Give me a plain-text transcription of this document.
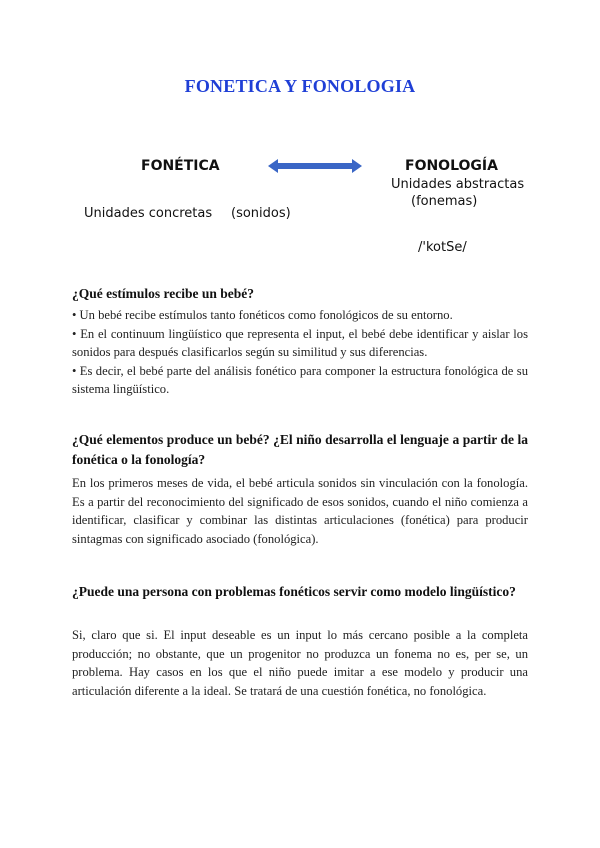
FONETICA Y FONOLOGIA
FONÉTICA	FONOLOGÍA
Unidades abstractas
(fonemas)
Unidades concretas (sonidos)
/'kotSe/
¿Qué estímulos recibe un bebé?

• Un bebé recibe estímulos tanto fonéticos como fonológicos de su entorno.

• En el continuum lingüístico que representa el input, el bebé debe identificar y aislar los sonidos para después clasificarlos según su similitud y sus diferencias.

• Es decir, el bebé parte del análisis fonético para componer la estructura fonológica de su sistema lingüístico.

¿Qué elementos produce un bebé? ¿El niño desarrolla el lenguaje a partir de la fonética o la fonología?

En los primeros meses de vida, el bebé articula sonidos sin vinculación con la fonología. Es a partir del reconocimiento del significado de esos sonidos, cuando el niño comienza a identificar, clasificar y combinar las distintas articulaciones (fonética) para producir sintagmas con significado asociado (fonológica).

¿Puede una persona con problemas fonéticos servir como modelo lingüístico?

Si, claro que si. El input deseable es un input lo más cercano posible a la completa producción; no obstante, que un progenitor no produzca un fonema no es, per se, un problema. Hay casos en los que el niño puede imitar a ese modelo y producir una articulación diferente a la ideal. Se tratará de una cuestión fonética, no fonológica.
